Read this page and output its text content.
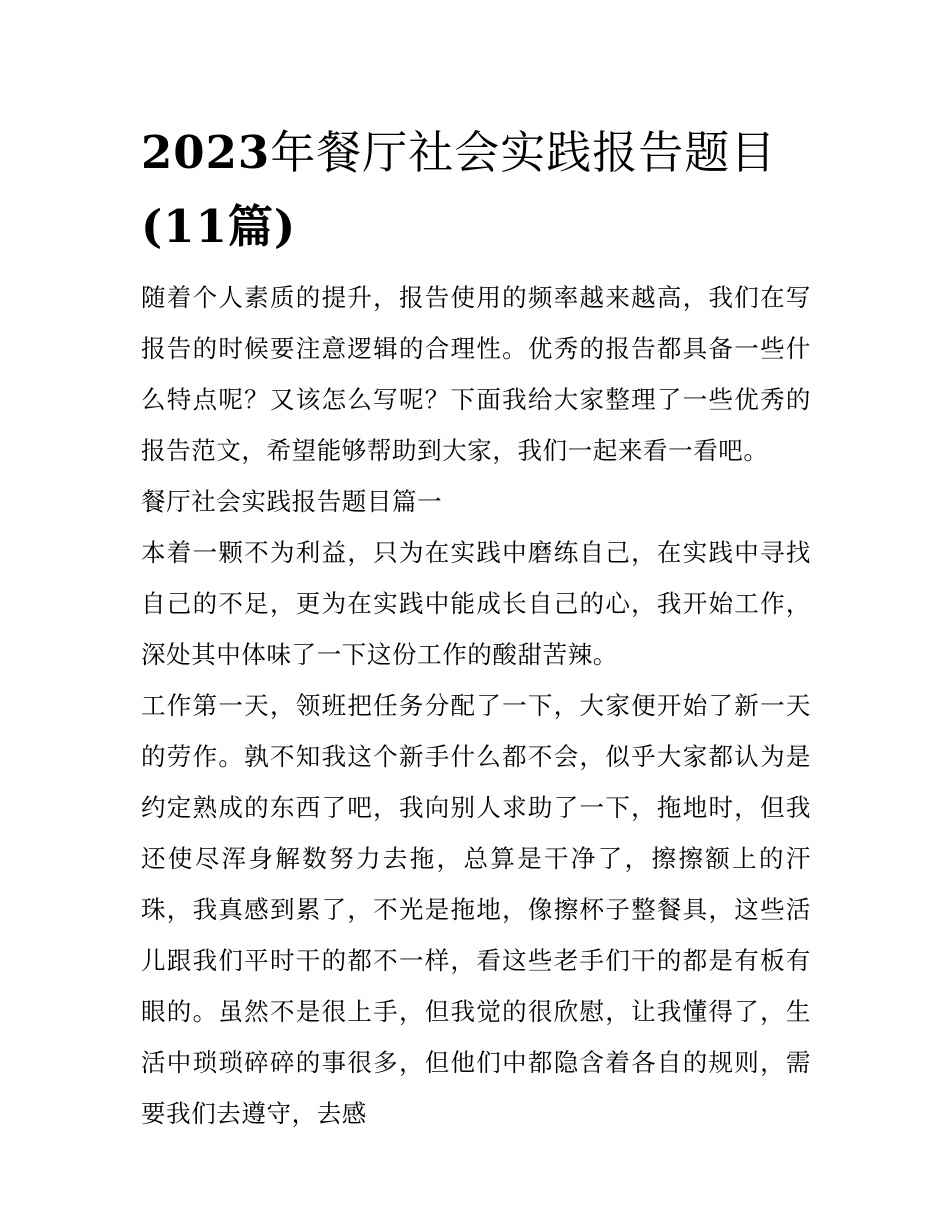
2023年餐厅社会实践报告题目
(11篇)

随着个人素质的提升，报告使用的频率越来越高，我们在写报告的时候要注意逻辑的合理性。优秀的报告都具备一些什么特点呢？又该怎么写呢？下面我给大家整理了一些优秀的报告范文，希望能够帮助到大家，我们一起来看一看吧。

餐厅社会实践报告题目篇一

本着一颗不为利益，只为在实践中磨练自己，在实践中寻找自己的不足，更为在实践中能成长自己的心，我开始工作，深处其中体味了一下这份工作的酸甜苦辣。

工作第一天，领班把任务分配了一下，大家便开始了新一天的劳作。孰不知我这个新手什么都不会，似乎大家都认为是约定熟成的东西了吧，我向别人求助了一下，拖地时，但我还使尽浑身解数努力去拖，总算是干净了，擦擦额上的汗珠，我真感到累了，不光是拖地，像擦杯子整餐具，这些活儿跟我们平时干的都不一样，看这些老手们干的都是有板有眼的。虽然不是很上手，但我觉的很欣慰，让我懂得了，生活中琐琐碎碎的事很多，但他们中都隐含着各自的规则，需要我们去遵守，去感
